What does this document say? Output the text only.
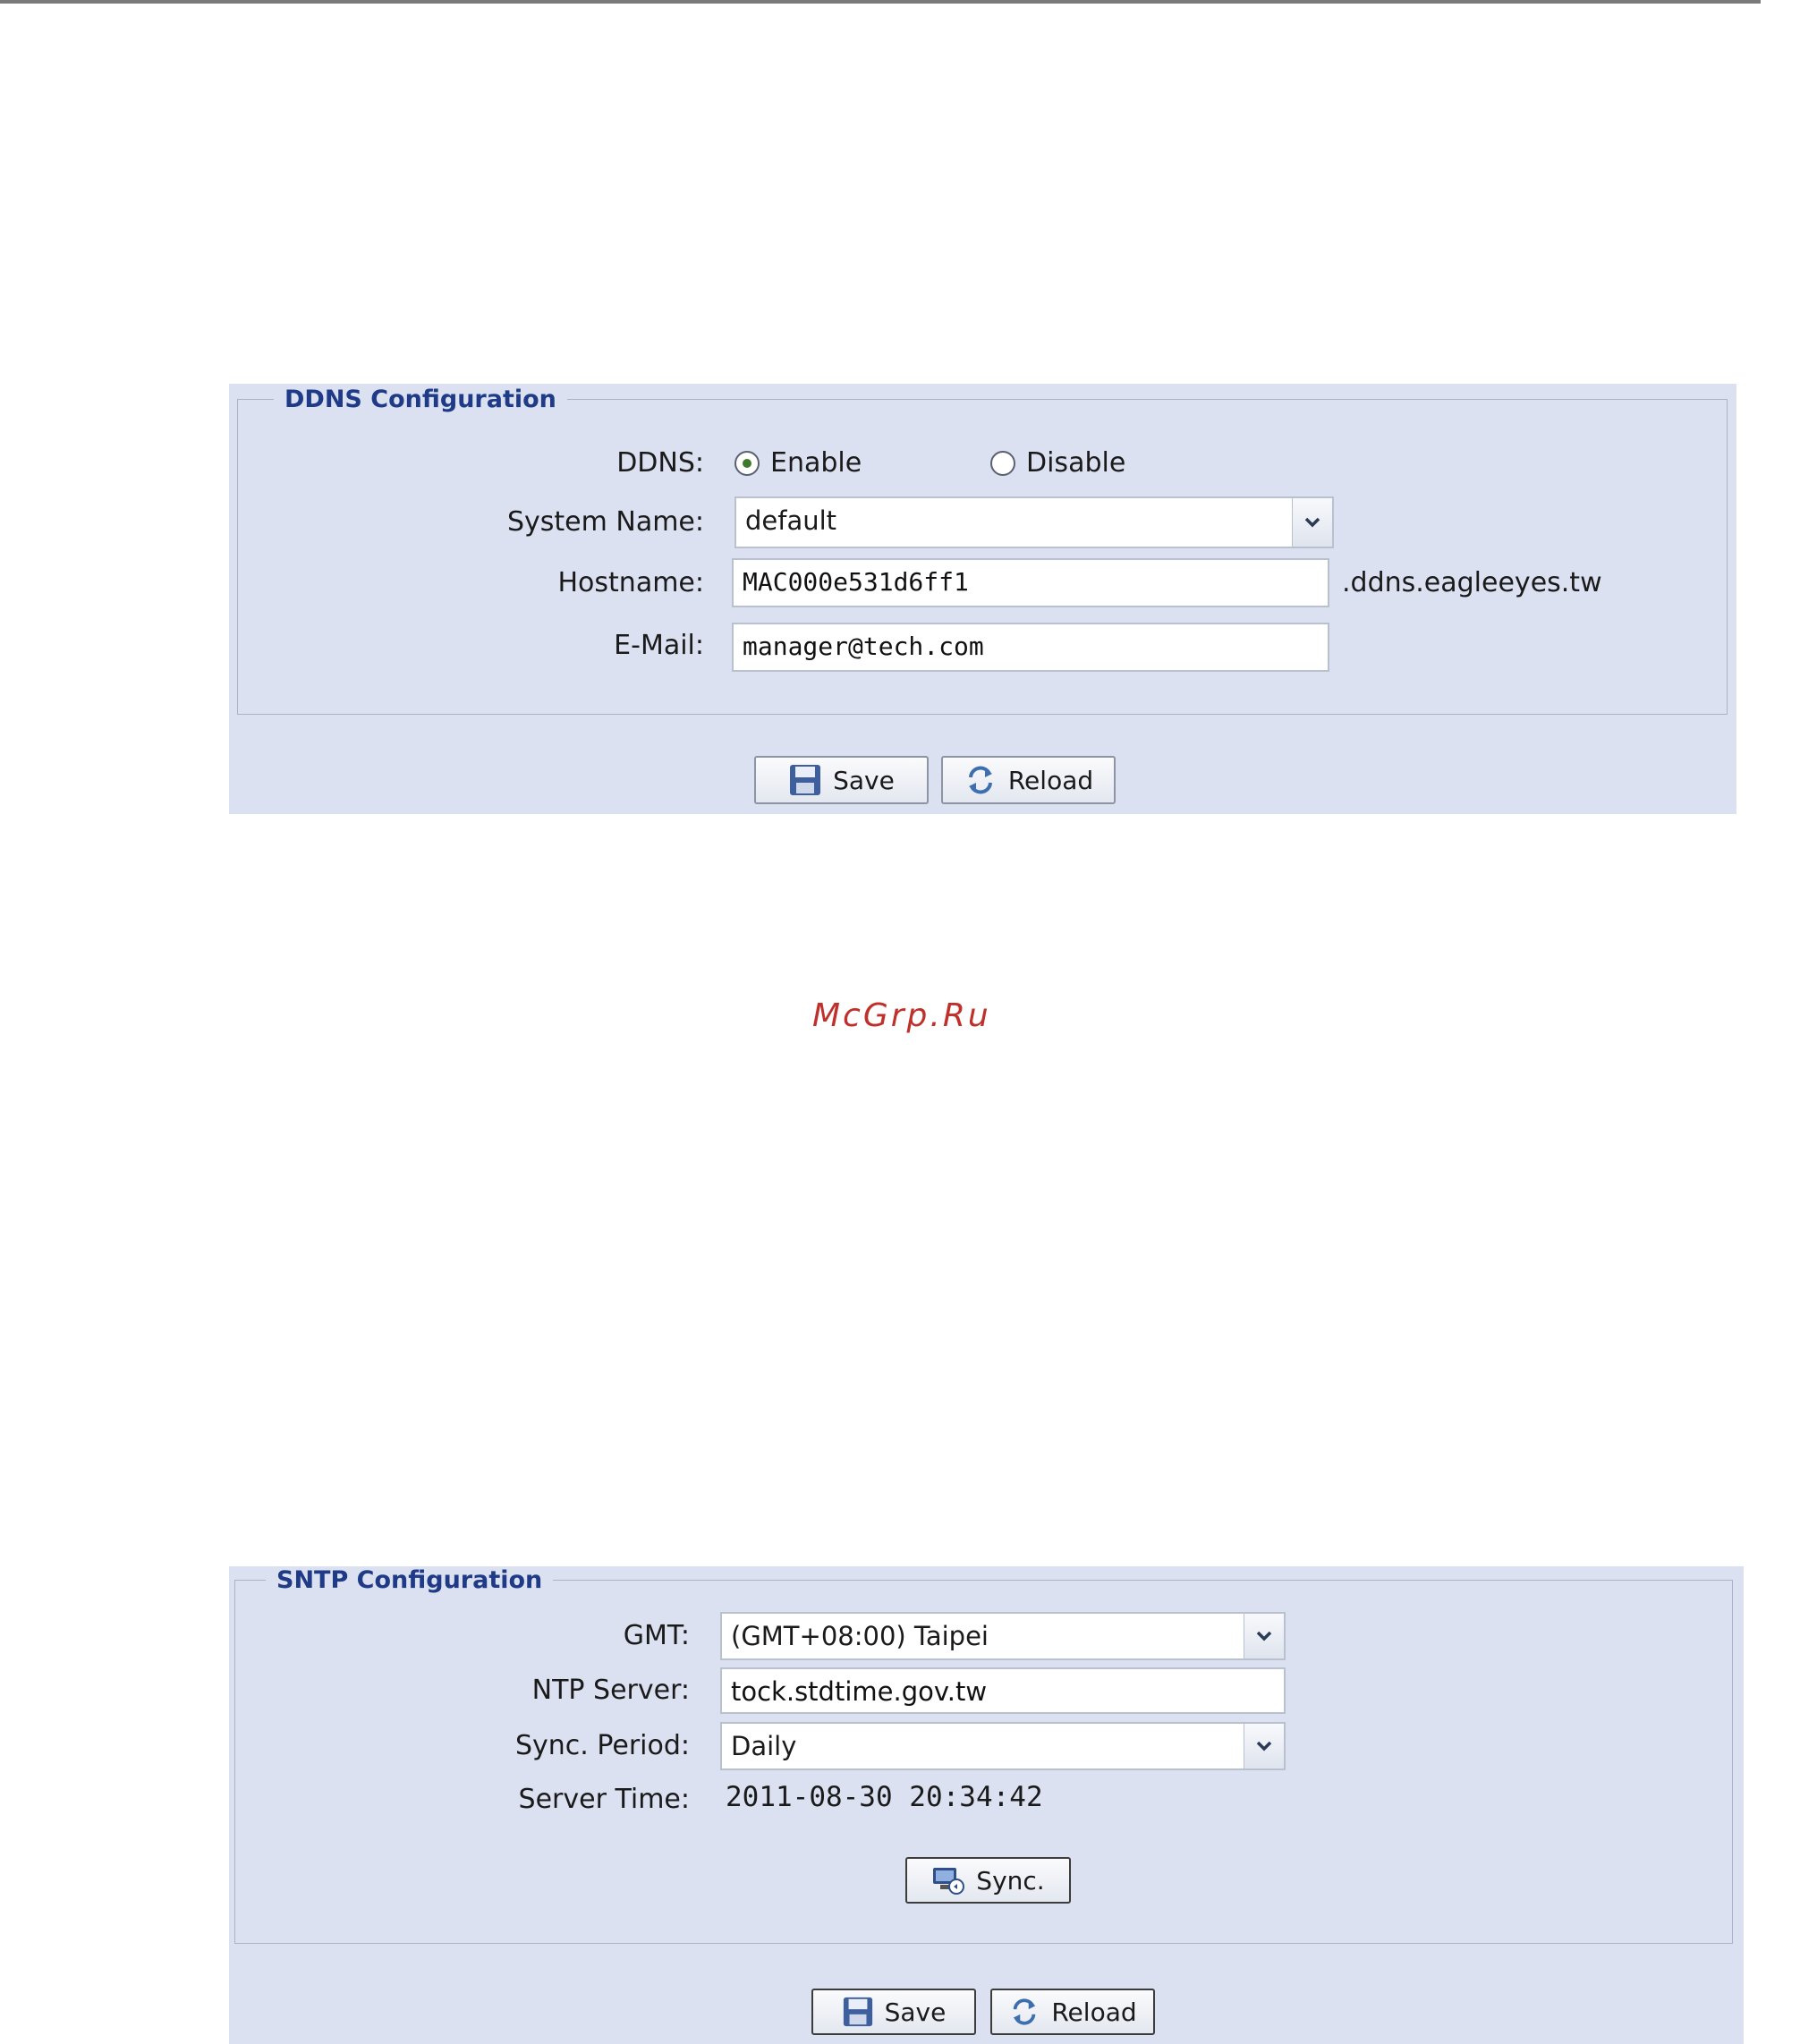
DDNS Configuration
DDNS: Enable	Disable
System Name:	default
Hostname:	MAC000e531d6ff1	.ddns.eagleeyes.tw
E-Mail:	manager@tech.com
Save	Reload
McGrp.Ru
SNTP Configuration
GMT:	(GMT+08:00) Taipei
NTP Server:	tock.stdtime.gov.tw
Sync. Period:	Daily
Server Time: 2011-08-30 20:34:42
Sync.
Save	Reload
